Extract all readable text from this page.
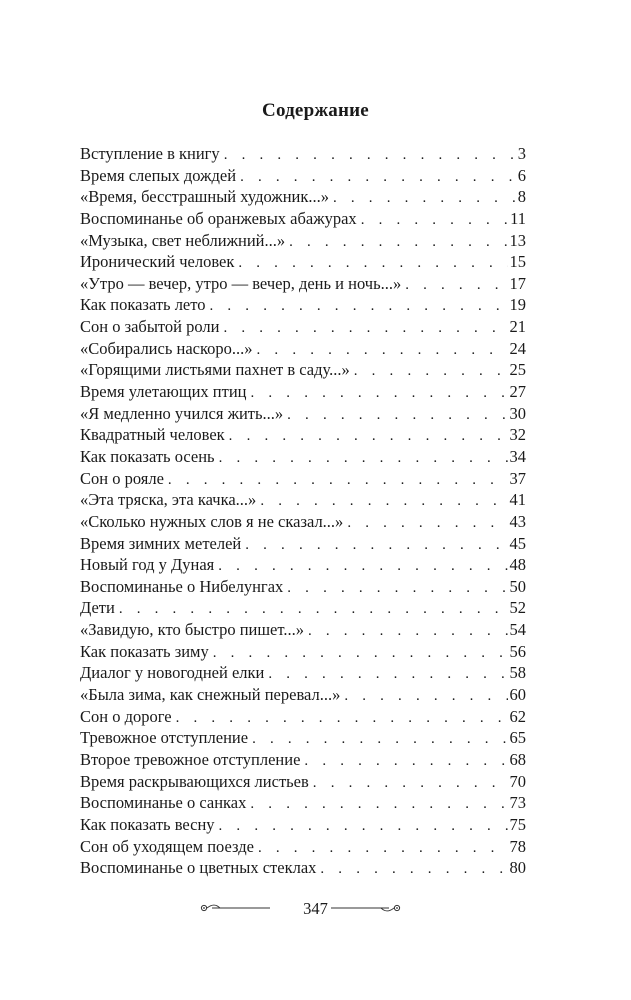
Содержание
Вступление в книгу . . .	3
Время слепых дождей . . .	6
«Время, бесстрашный художник...» . . .	8
Воспоминанье об оранжевых абажурах . . .	11
«Музыка, свет неближний...» . . .	13
Иронический человек . . .	15
«Утро — вечер, утро — вечер, день и ночь...» . . .	17
Как показать лето . . .	19
Сон о забытой роли . . .	21
«Собирались наскоро...» . . .	24
«Горящими листьями пахнет в саду...» . . .	25
Время улетающих птиц . . .	27
«Я медленно учился жить...» . . .	30
Квадратный человек . . .	32
Как показать осень . . .	34
Сон о рояле . . .	37
«Эта тряска, эта качка...» . . .	41
«Сколько нужных слов я не сказал...» . . .	43
Время зимних метелей . . .	45
Новый год у Дуная . . .	48
Воспоминанье о Нибелунгах . . .	50
Дети . . .	52
«Завидую, кто быстро пишет...» . . .	54
Как показать зиму . . .	56
Диалог у новогодней елки . . .	58
«Была зима, как снежный перевал...» . . .	60
Сон о дороге . . .	62
Тревожное отступление . . .	65
Второе тревожное отступление . . .	68
Время раскрывающихся листьев . . .	70
Воспоминанье о санках . . .	73
Как показать весну . . .	75
Сон об уходящем поезде . . .	78
Воспоминанье о цветных стеклах . . .	80
347
